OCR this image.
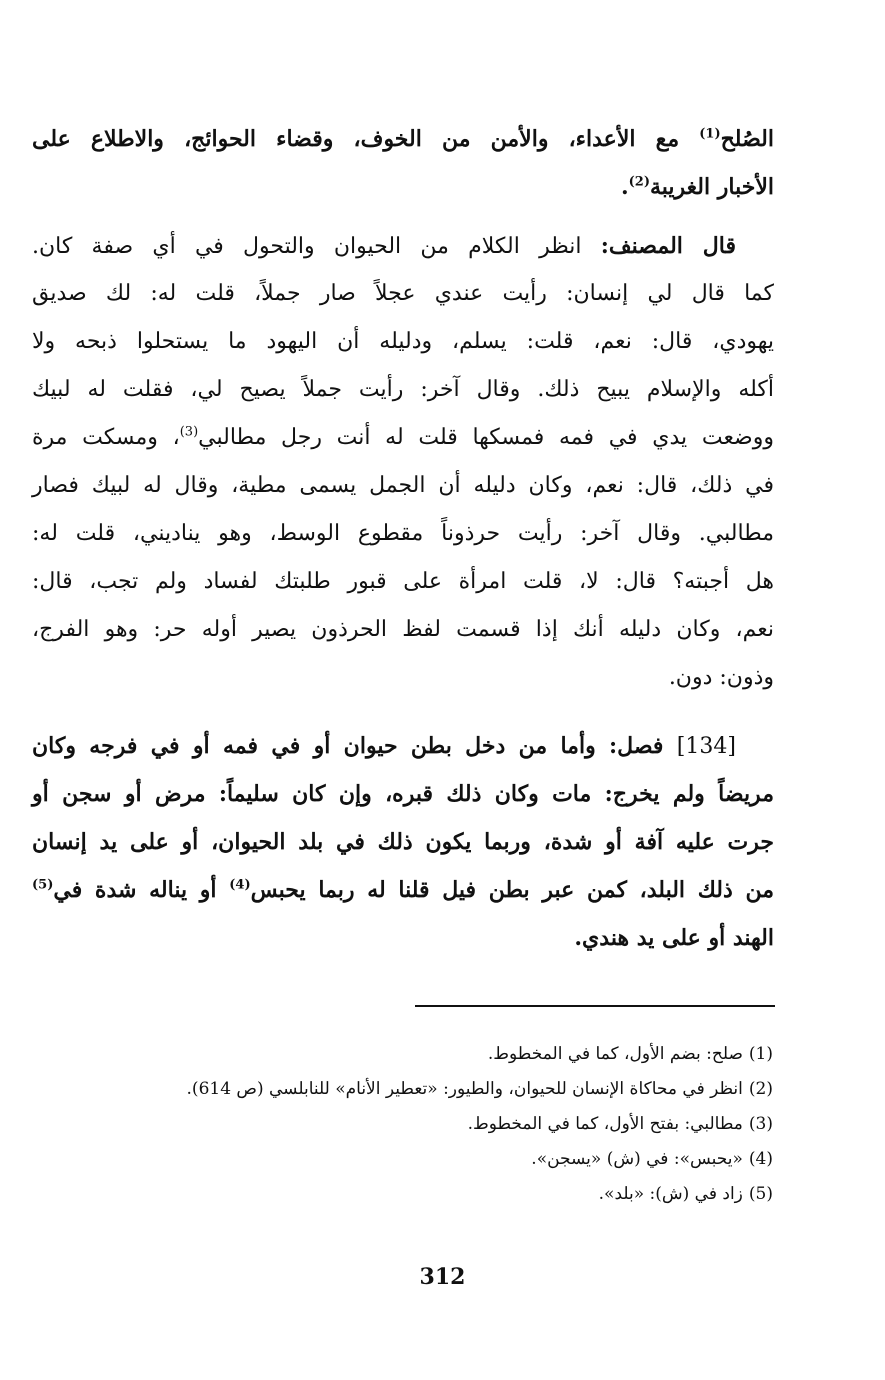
الصُلح$^{(1)}$ مع الأعداء، والأمن من الخوف، وقضاء الحوائج، والاطلاع على
الأخبار الغريبة$^{(2)}$.
قال المصنف: انظر الكلام من الحيوان والتحول في أي صفة كان.
كما قال لي إنسان: رأيت عندي عجلاً صار جملاً، قلت له: لك صديق
يهودي، قال: نعم، قلت: يسلم، ودليله أن اليهود ما يستحلوا ذبحه ولا
أكله والإسلام يبيح ذلك. وقال آخر: رأيت جملاً يصيح لي، فقلت له لبيك
ووضعت يدي في فمه فمسكها قلت له أنت رجل مطالبي$^{(3)}$، ومسكت مرة
في ذلك، قال: نعم، وكان دليله أن الجمل يسمى مطية، وقال له لبيك فصار
مطالبي. وقال آخر: رأيت حرذوناً مقطوع الوسط، وهو يناديني، قلت له:
هل أجبته؟ قال: لا، قلت امرأة على قبور طلبتك لفساد ولم تجب، قال:
نعم، وكان دليله أنك إذا قسمت لفظ الحرذون يصير أوله حر: وهو الفرج،
وذون: دون.
[134] فصل: وأما من دخل بطن حيوان أو في فمه أو في فرجه وكان
مريضاً ولم يخرج: مات وكان ذلك قبره، وإن كان سليماً: مرض أو سجن أو
جرت عليه آفة أو شدة، وربما يكون ذلك في بلد الحيوان، أو على يد إنسان
من ذلك البلد، كمن عبر بطن فيل قلنا له ربما يحبس$^{(4)}$ أو يناله شدة في$^{(5)}$
الهند أو على يد هندي.
(1)صلح: بضم الأول، كما في المخطوط.
(2)انظر في محاكاة الإنسان للحيوان، والطيور: «تعطير الأنام» للنابلسي (ص 614).
(3)مطالبي: بفتح الأول، كما في المخطوط.
(4)«يحبس»: في (ش) «يسجن».
(5)زاد في (ش): «بلد».
312
